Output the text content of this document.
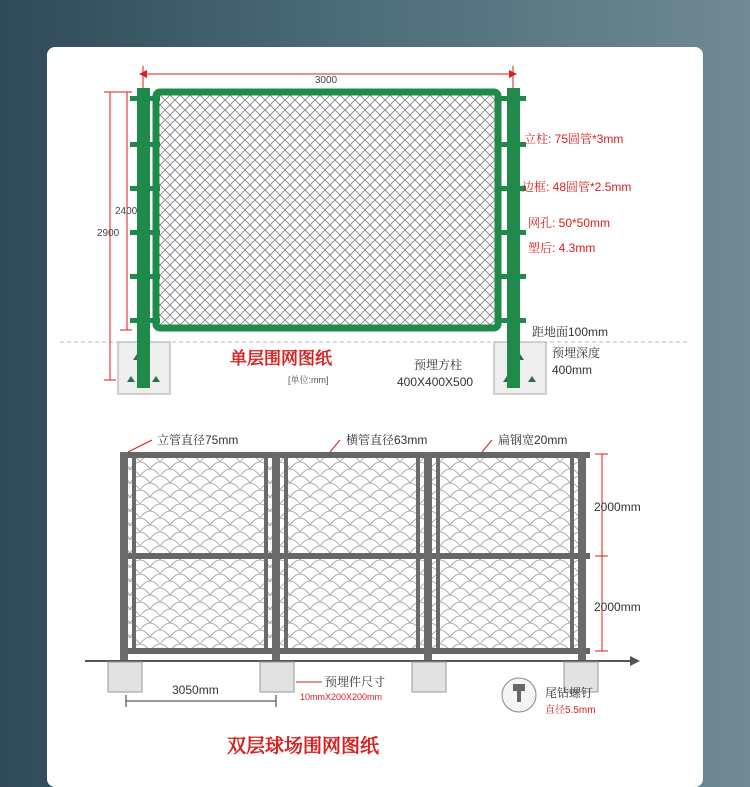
3000
2400
2900
立柱: 75圆管*3mm
边框: 48圆管*2.5mm
网孔: 50*50mm
塑后: 4.3mm
距地面100mm
预埋深度
400mm
单层围网图纸
[单位:mm]
预埋方柱
400X400X500
立管直径75mm	横管直径63mm	扁钢宽20mm
2000mm
2000mm
3050mm
预埋件尺寸
10mmX200X200mm	尾钻螺钉
直径5.5mm
双层球场围网图纸
